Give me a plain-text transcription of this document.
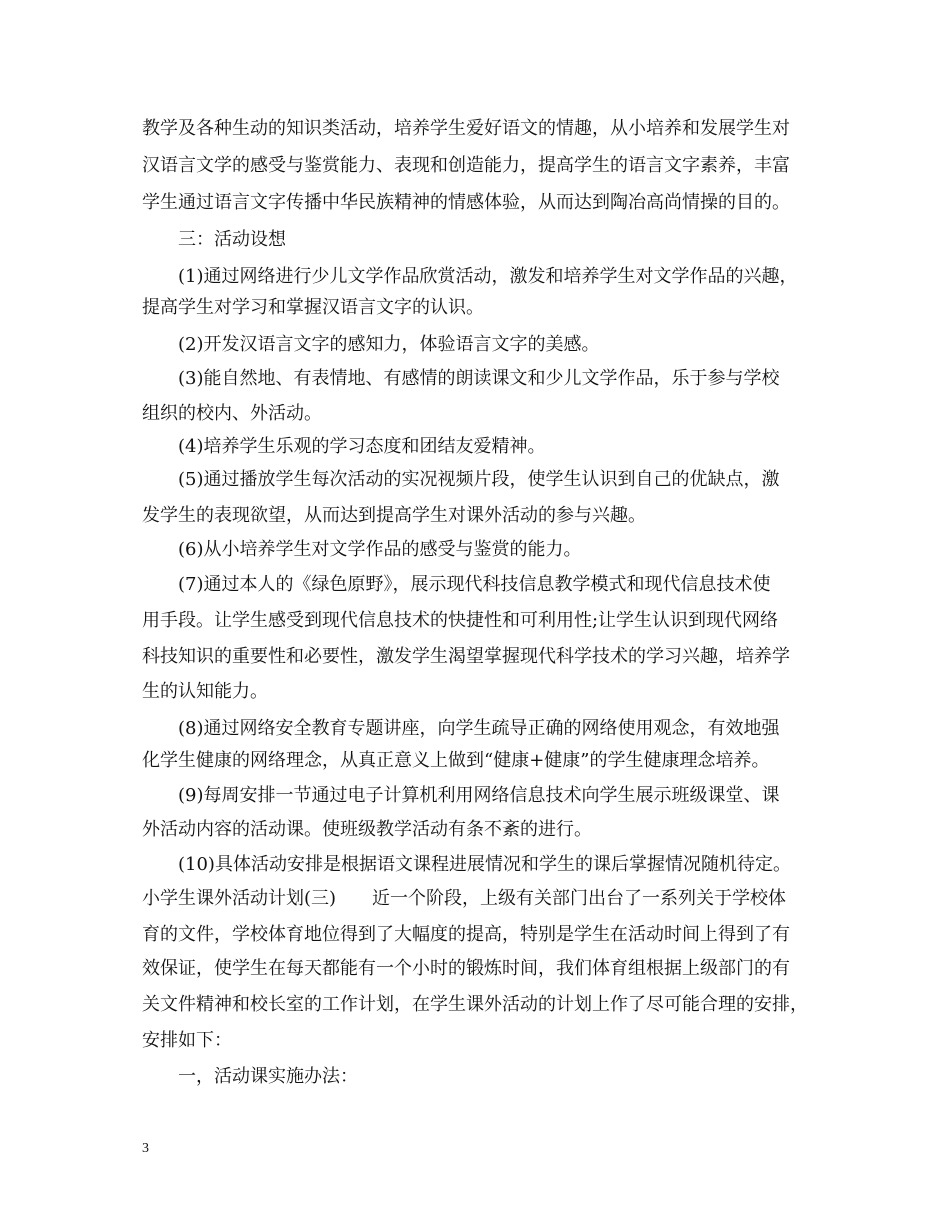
教学及各种生动的知识类活动，培养学生爱好语文的情趣，从小培养和发展学生对
汉语言文学的感受与鉴赏能力、表现和创造能力，提高学生的语言文字素养，丰富
学生通过语言文字传播中华民族精神的情感体验，从而达到陶冶高尚情操的目的。
三：活动设想
(1)通过网络进行少儿文学作品欣赏活动，激发和培养学生对文学作品的兴趣，
提高学生对学习和掌握汉语言文字的认识。
(2)开发汉语言文字的感知力，体验语言文字的美感。
(3)能自然地、有表情地、有感情的朗读课文和少儿文学作品，乐于参与学校
组织的校内、外活动。
(4)培养学生乐观的学习态度和团结友爱精神。
(5)通过播放学生每次活动的实况视频片段，使学生认识到自己的优缺点，激
发学生的表现欲望，从而达到提高学生对课外活动的参与兴趣。
(6)从小培养学生对文学作品的感受与鉴赏的能力。
(7)通过本人的《绿色原野》，展示现代科技信息教学模式和现代信息技术使
用手段。让学生感受到现代信息技术的快捷性和可利用性;让学生认识到现代网络
科技知识的重要性和必要性，激发学生渴望掌握现代科学技术的学习兴趣，培养学
生的认知能力。
(8)通过网络安全教育专题讲座，向学生疏导正确的网络使用观念，有效地强
化学生健康的网络理念，从真正意义上做到“健康+健康”的学生健康理念培养。
(9)每周安排一节通过电子计算机利用网络信息技术向学生展示班级课堂、课
外活动内容的活动课。使班级教学活动有条不紊的进行。
(10)具体活动安排是根据语文课程进展情况和学生的课后掌握情况随机待定。
小学生课外活动计划(三)　　近一个阶段，上级有关部门出台了一系列关于学校体
育的文件，学校体育地位得到了大幅度的提高，特别是学生在活动时间上得到了有
效保证，使学生在每天都能有一个小时的锻炼时间，我们体育组根据上级部门的有
关文件精神和校长室的工作计划，在学生课外活动的计划上作了尽可能合理的安排，
安排如下：
一，活动课实施办法：
3
